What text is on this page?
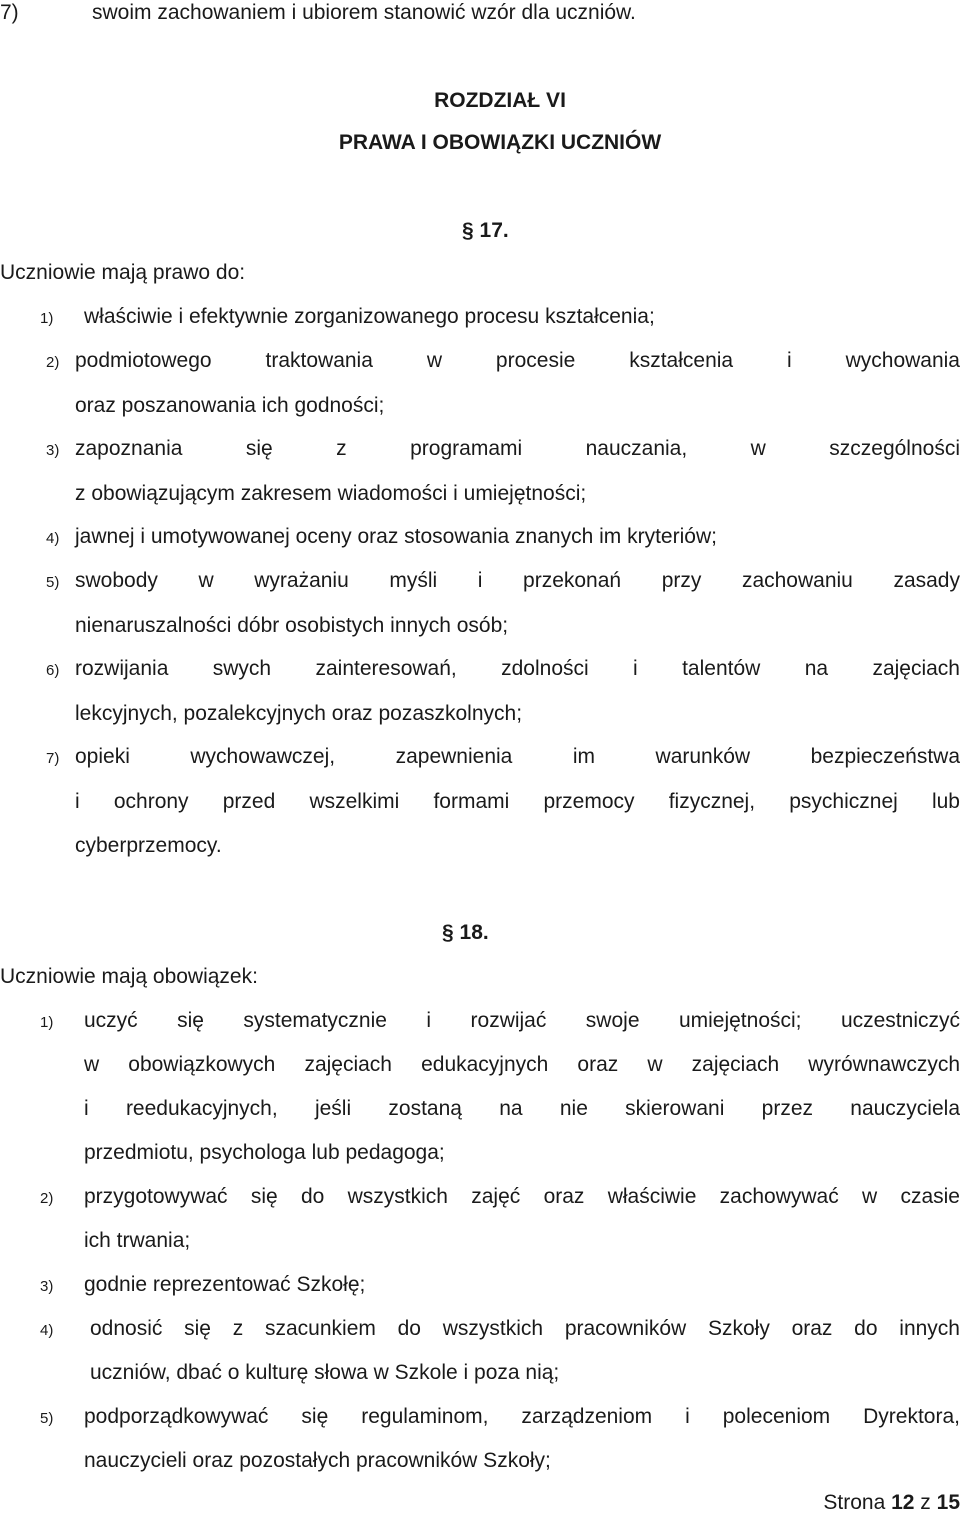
7)	swoim zachowaniem i ubiorem stanowić wzór dla uczniów.
ROZDZIAŁ VI
PRAWA I OBOWIĄZKI UCZNIÓW
§ 17.
Uczniowie mają prawo do:
1) właściwie i efektywnie zorganizowanego procesu kształcenia;
2) podmiotowego traktowania w procesie kształcenia i wychowania
oraz poszanowania ich godności;
3) zapoznania się z programami nauczania, w szczególności
z obowiązującym zakresem wiadomości i umiejętności;
4) jawnej i umotywowanej oceny oraz stosowania znanych im kryteriów;
5) swobody w wyrażaniu myśli i przekonań przy zachowaniu zasady
nienaruszalności dóbr osobistych innych osób;
6) rozwijania swych zainteresowań, zdolności i talentów na zajęciach
lekcyjnych, pozalekcyjnych oraz pozaszkolnych;
7) opieki wychowawczej, zapewnienia im warunków bezpieczeństwa
i ochrony przed wszelkimi formami przemocy fizycznej, psychicznej lub
cyberprzemocy.
§ 18.
Uczniowie mają obowiązek:
1) uczyć się systematycznie i rozwijać swoje umiejętności; uczestniczyć
w obowiązkowych zajęciach edukacyjnych oraz w zajęciach wyrównawczych
i reedukacyjnych, jeśli zostaną na nie skierowani przez nauczyciela
przedmiotu, psychologa lub pedagoga;
2) przygotowywać się do wszystkich zajęć oraz właściwie zachowywać w czasie
ich trwania;
3) godnie reprezentować Szkołę;
4) odnosić się z szacunkiem do wszystkich pracowników Szkoły oraz do innych
uczniów, dbać o kulturę słowa w Szkole i poza nią;
5) podporządkowywać się regulaminom, zarządzeniom i poleceniom Dyrektora,
nauczycieli oraz pozostałych pracowników Szkoły;
Strona 12 z 15
